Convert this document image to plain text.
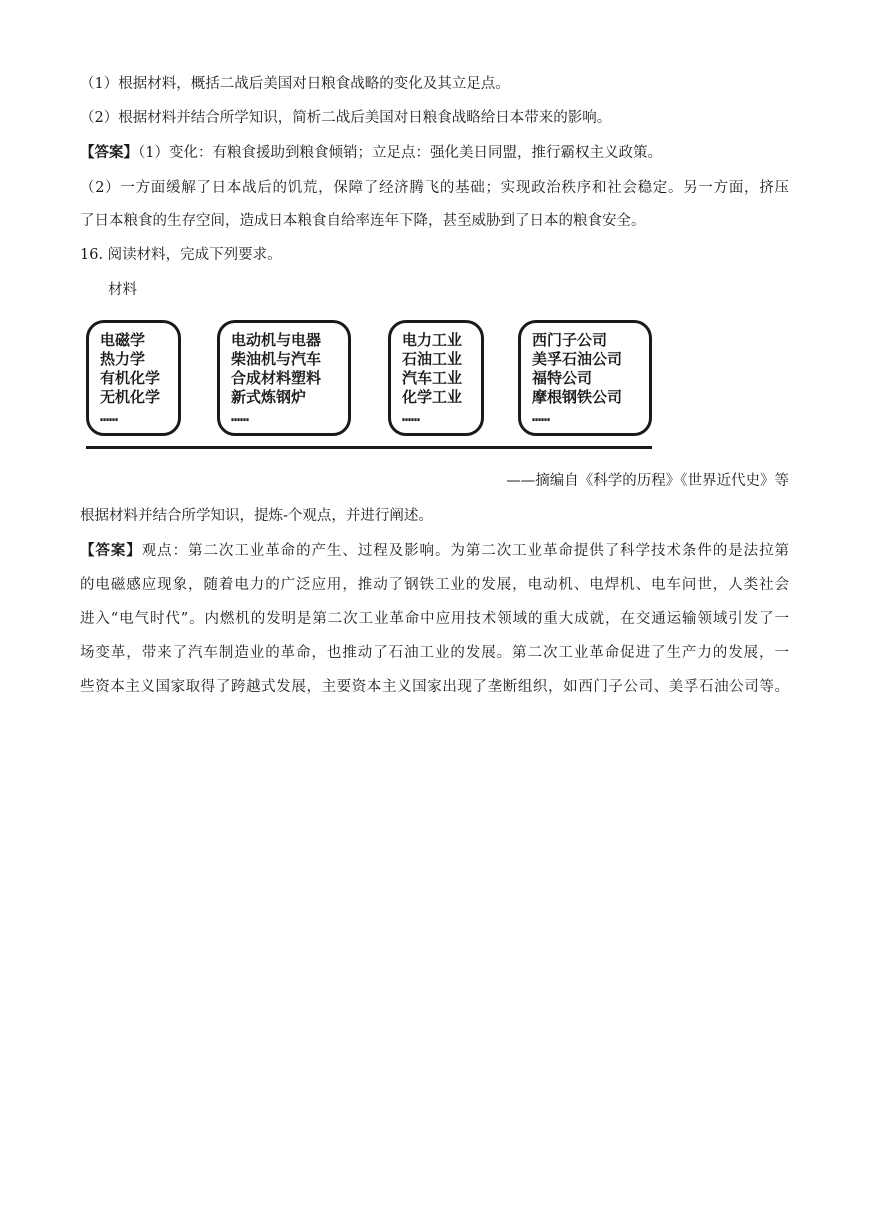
（1）根据材料，概括二战后美国对日粮食战略的变化及其立足点。
（2）根据材料并结合所学知识，简析二战后美国对日粮食战略给日本带来的影响。
【答案】（1）变化：有粮食援助到粮食倾销；立足点：强化美日同盟，推行霸权主义政策。
（2）一方面缓解了日本战后的饥荒，保障了经济腾飞的基础；实现政治秩序和社会稳定。另一方面，挤压
了日本粮食的生存空间，造成日本粮食自给率连年下降，甚至威胁到了日本的粮食安全。
16. 阅读材料，完成下列要求。
材料
电磁学
热力学
有机化学
无机化学
……
电动机与电器
柴油机与汽车
合成材料塑料
新式炼钢炉
……
电力工业
石油工业
汽车工业
化学工业
……
西门子公司
美孚石油公司
福特公司
摩根钢铁公司
……
——摘编自《科学的历程》《世界近代史》等
根据材料并结合所学知识，提炼-个观点，并进行阐述。
【答案】观点：第二次工业革命的产生、过程及影响。为第二次工业革命提供了科学技术条件的是法拉第
的电磁感应现象，随着电力的广泛应用，推动了钢铁工业的发展，电动机、电焊机、电车问世，人类社会
进入“电气时代”。内燃机的发明是第二次工业革命中应用技术领域的重大成就，在交通运输领域引发了一
场变革，带来了汽车制造业的革命，也推动了石油工业的发展。第二次工业革命促进了生产力的发展，一
些资本主义国家取得了跨越式发展，主要资本主义国家出现了垄断组织，如西门子公司、美孚石油公司等。
